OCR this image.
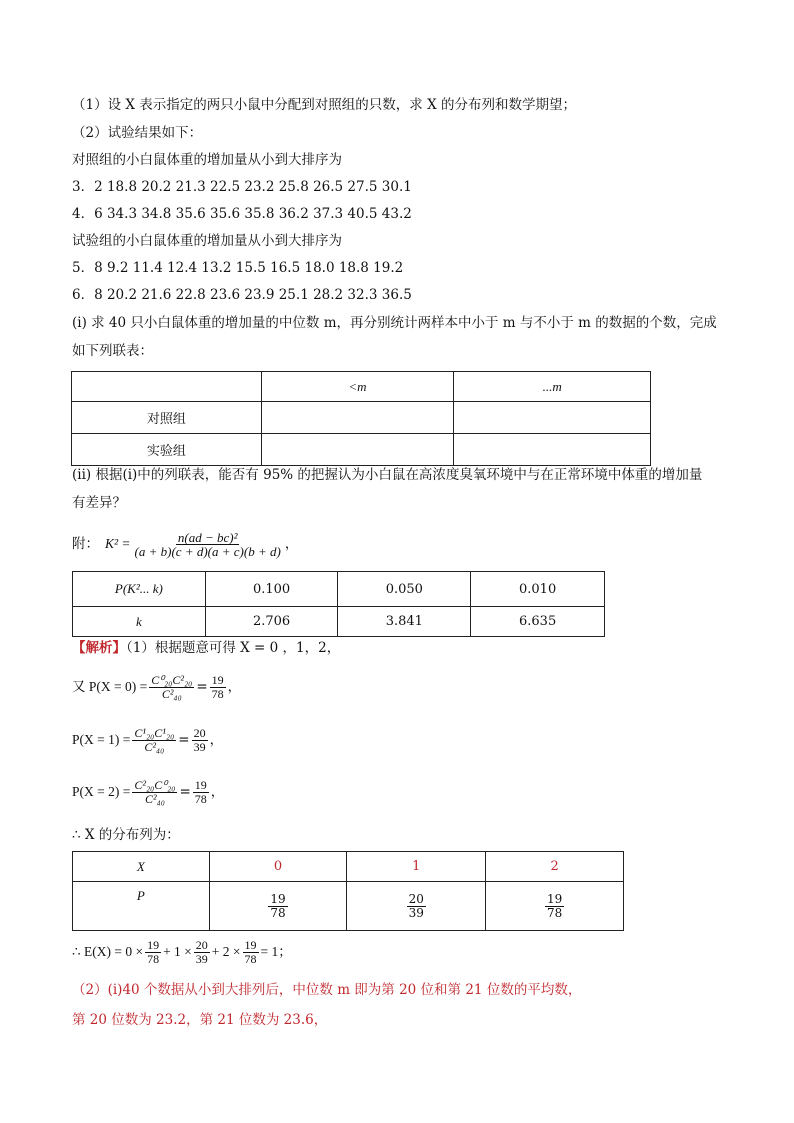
（1）设 X 表示指定的两只小鼠中分配到对照组的只数，求 X 的分布列和数学期望；
（2）试验结果如下：
对照组的小白鼠体重的增加量从小到大排序为
3．2 18.8 20.2 21.3 22.5 23.2 25.8 26.5 27.5 30.1
4．6 34.3 34.8 35.6 35.6 35.8 36.2 37.3 40.5 43.2
试验组的小白鼠体重的增加量从小到大排序为
5．8 9.2 11.4 12.4 13.2 15.5 16.5 18.0 18.8 19.2
6．8 20.2 21.6 22.8 23.6 23.9 25.1 28.2 32.3 36.5
(i) 求 40 只小白鼠体重的增加量的中位数 m，再分别统计两样本中小于 m 与不小于 m 的数据的个数，完成
如下列联表：
	<m	...m
对照组		
实验组		
(ii) 根据(i)中的列联表，能否有 95% 的把握认为小白鼠在高浓度臭氧环境中与在正常环境中体重的增加量
有差异？
附： $K^2 = \frac{\text{n(ad − bc)²}}{(a + b)(c + d)(a + c)(b + d)}$ ，
P(K²... k)	0.100	0.050	0.010
k	2.706	3.841	6.635
【解析】（1）根据题意可得 X = 0 ，1，2，
又 $P(X = 0) = \frac{\text{C⁰₂₀C²₂₀}}{\text{C²₄₀}} = \frac{19}{78}$ ，
$P(X = 1) = \frac{\text{C¹₂₀C¹₂₀}}{\text{C²₄₀}} = \frac{20}{39}$ ，
$P(X = 2) = \frac{\text{C²₂₀C⁰₂₀}}{\text{C²₄₀}} = \frac{19}{78}$ ，
∴ X 的分布列为：
X	0	1	2
P	$\frac{19}{78}$	$\frac{20}{39}$	$\frac{19}{78}$
∴ $E(X) = 0 \times \frac{19}{78} + 1 \times \frac{20}{39} + 2 \times \frac{19}{78} = 1$；
（2）(i)40 个数据从小到大排列后，中位数 m 即为第 20 位和第 21 位数的平均数，
第 20 位数为 23.2，第 21 位数为 23.6，
